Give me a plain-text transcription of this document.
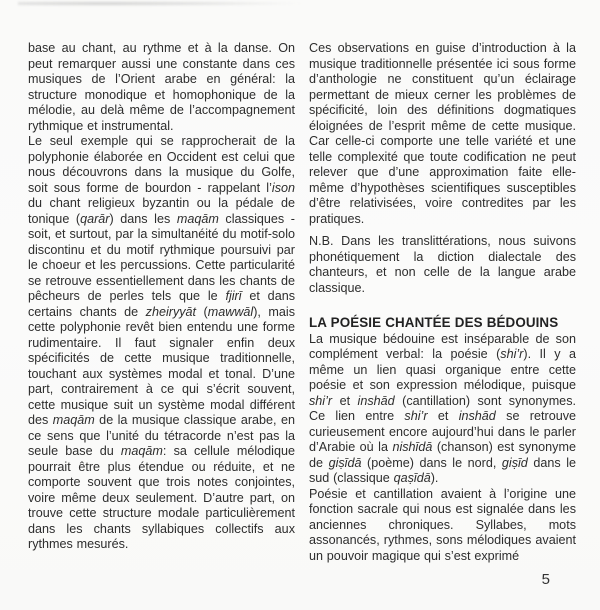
base au chant, au rythme et à la danse. On peut remarquer aussi une constante dans ces musiques de l’Orient arabe en général: la structure monodique et homophonique de la mélodie, au delà même de l’accompagnement rythmique et instrumental.

Le seul exemple qui se rapprocherait de la polyphonie élaborée en Occident est celui que nous découvrons dans la musique du Golfe, soit sous forme de bourdon - rappelant l’ison du chant religieux byzantin ou la pédale de tonique (qarār) dans les maqām classiques - soit, et surtout, par la simultanéité du motif-solo discontinu et du motif rythmique poursuivi par le choeur et les percussions. Cette particularité se retrouve essentiellement dans les chants de pêcheurs de perles tels que le fjirī et dans certains chants de zheiryyāt (mawwāl), mais cette polyphonie revêt bien entendu une forme rudimentaire. Il faut signaler enfin deux spécificités de cette musique traditionnelle, touchant aux systèmes modal et tonal. D’une part, contrairement à ce qui s’écrit souvent, cette musique suit un système modal différent des maqām de la musique classique arabe, en ce sens que l’unité du tétracorde n’est pas la seule base du maqām: sa cellule mélodique pourrait être plus étendue ou réduite, et ne comporte souvent que trois notes conjointes, voire même deux seulement. D’autre part, on trouve cette structure modale particulièrement dans les chants syllabiques collectifs aux rythmes mesurés.

Ces observations en guise d’introduction à la musique traditionnelle présentée ici sous forme d’anthologie ne constituent qu’un éclairage permettant de mieux cerner les problèmes de spécificité, loin des définitions dogmatiques éloignées de l’esprit même de cette musique. Car celle-ci comporte une telle variété et une telle complexité que toute codification ne peut relever que d’une approximation faite elle-même d’hypothèses scientifiques susceptibles d’être relativisées, voire contredites par les pratiques.

N.B. Dans les translittérations, nous suivons phonétiquement la diction dialectale des chanteurs, et non celle de la langue arabe classique.

LA POÉSIE CHANTÉE DES BÉDOUINS

La musique bédouine est inséparable de son complément verbal: la poésie (shi’r). Il y a même un lien quasi organique entre cette poésie et son expression mélodique, puisque shi’r et inshād (cantillation) sont synonymes. Ce lien entre shi’r et inshād se retrouve curieusement encore aujourd’hui dans le parler d’Arabie où la nishīdā (chanson) est synonyme de giṣīdā (poème) dans le nord, giṣīd dans le sud (classique qaṣīdā).

Poésie et cantillation avaient à l’origine une fonction sacrale qui nous est signalée dans les anciennes chroniques. Syllabes, mots assonancés, rythmes, sons mélodiques avaient un pouvoir magique qui s’est exprimé

5
